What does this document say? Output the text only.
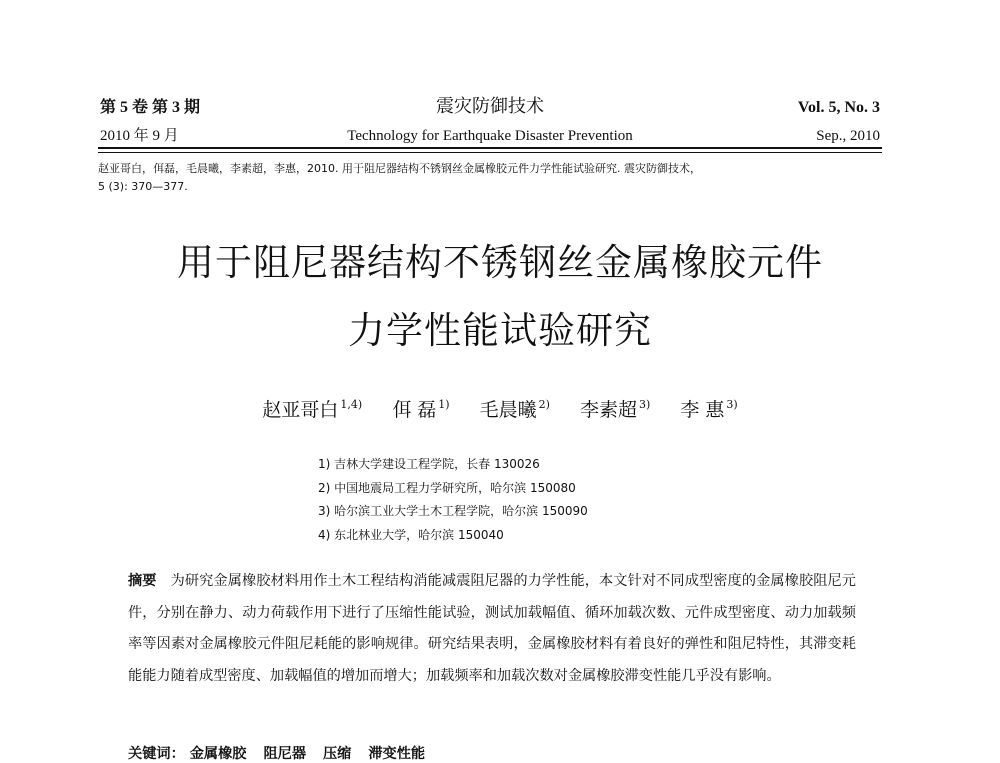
第 5 卷 第 3 期	震灾防御技术	Vol. 5, No. 3
2010 年 9 月	Technology for Earthquake Disaster Prevention	Sep., 2010
赵亚哥白，佴磊，毛晨曦，李素超，李惠，2010. 用于阻尼器结构不锈钢丝金属橡胶元件力学性能试验研究. 震灾防御技术，
5 (3): 370—377.
用于阻尼器结构不锈钢丝金属橡胶元件
力学性能试验研究
赵亚哥白 $^{1,4)}$ 佴 磊 $^{1)}$ 毛晨曦 $^{2)}$ 李素超 $^{3)}$ 李 惠 $^{3)}$
1) 吉林大学建设工程学院，长春 130026
2) 中国地震局工程力学研究所，哈尔滨 150080
3) 哈尔滨工业大学土木工程学院，哈尔滨 150090
4) 东北林业大学，哈尔滨 150040
摘要 为研究金属橡胶材料用作土木工程结构消能减震阻尼器的力学性能，本文针对不同成型密度的金属橡胶阻尼元件，分别在静力、动力荷载作用下进行了压缩性能试验，测试加载幅值、循环加载次数、元件成型密度、动力加载频率等因素对金属橡胶元件阻尼耗能的影响规律。研究结果表明，金属橡胶材料有着良好的弹性和阻尼特性，其滞变耗能能力随着成型密度、加载幅值的增加而增大；加载频率和加载次数对金属橡胶滞变性能几乎没有影响。
关键词： 金属橡胶 阻尼器 压缩 滞变性能
